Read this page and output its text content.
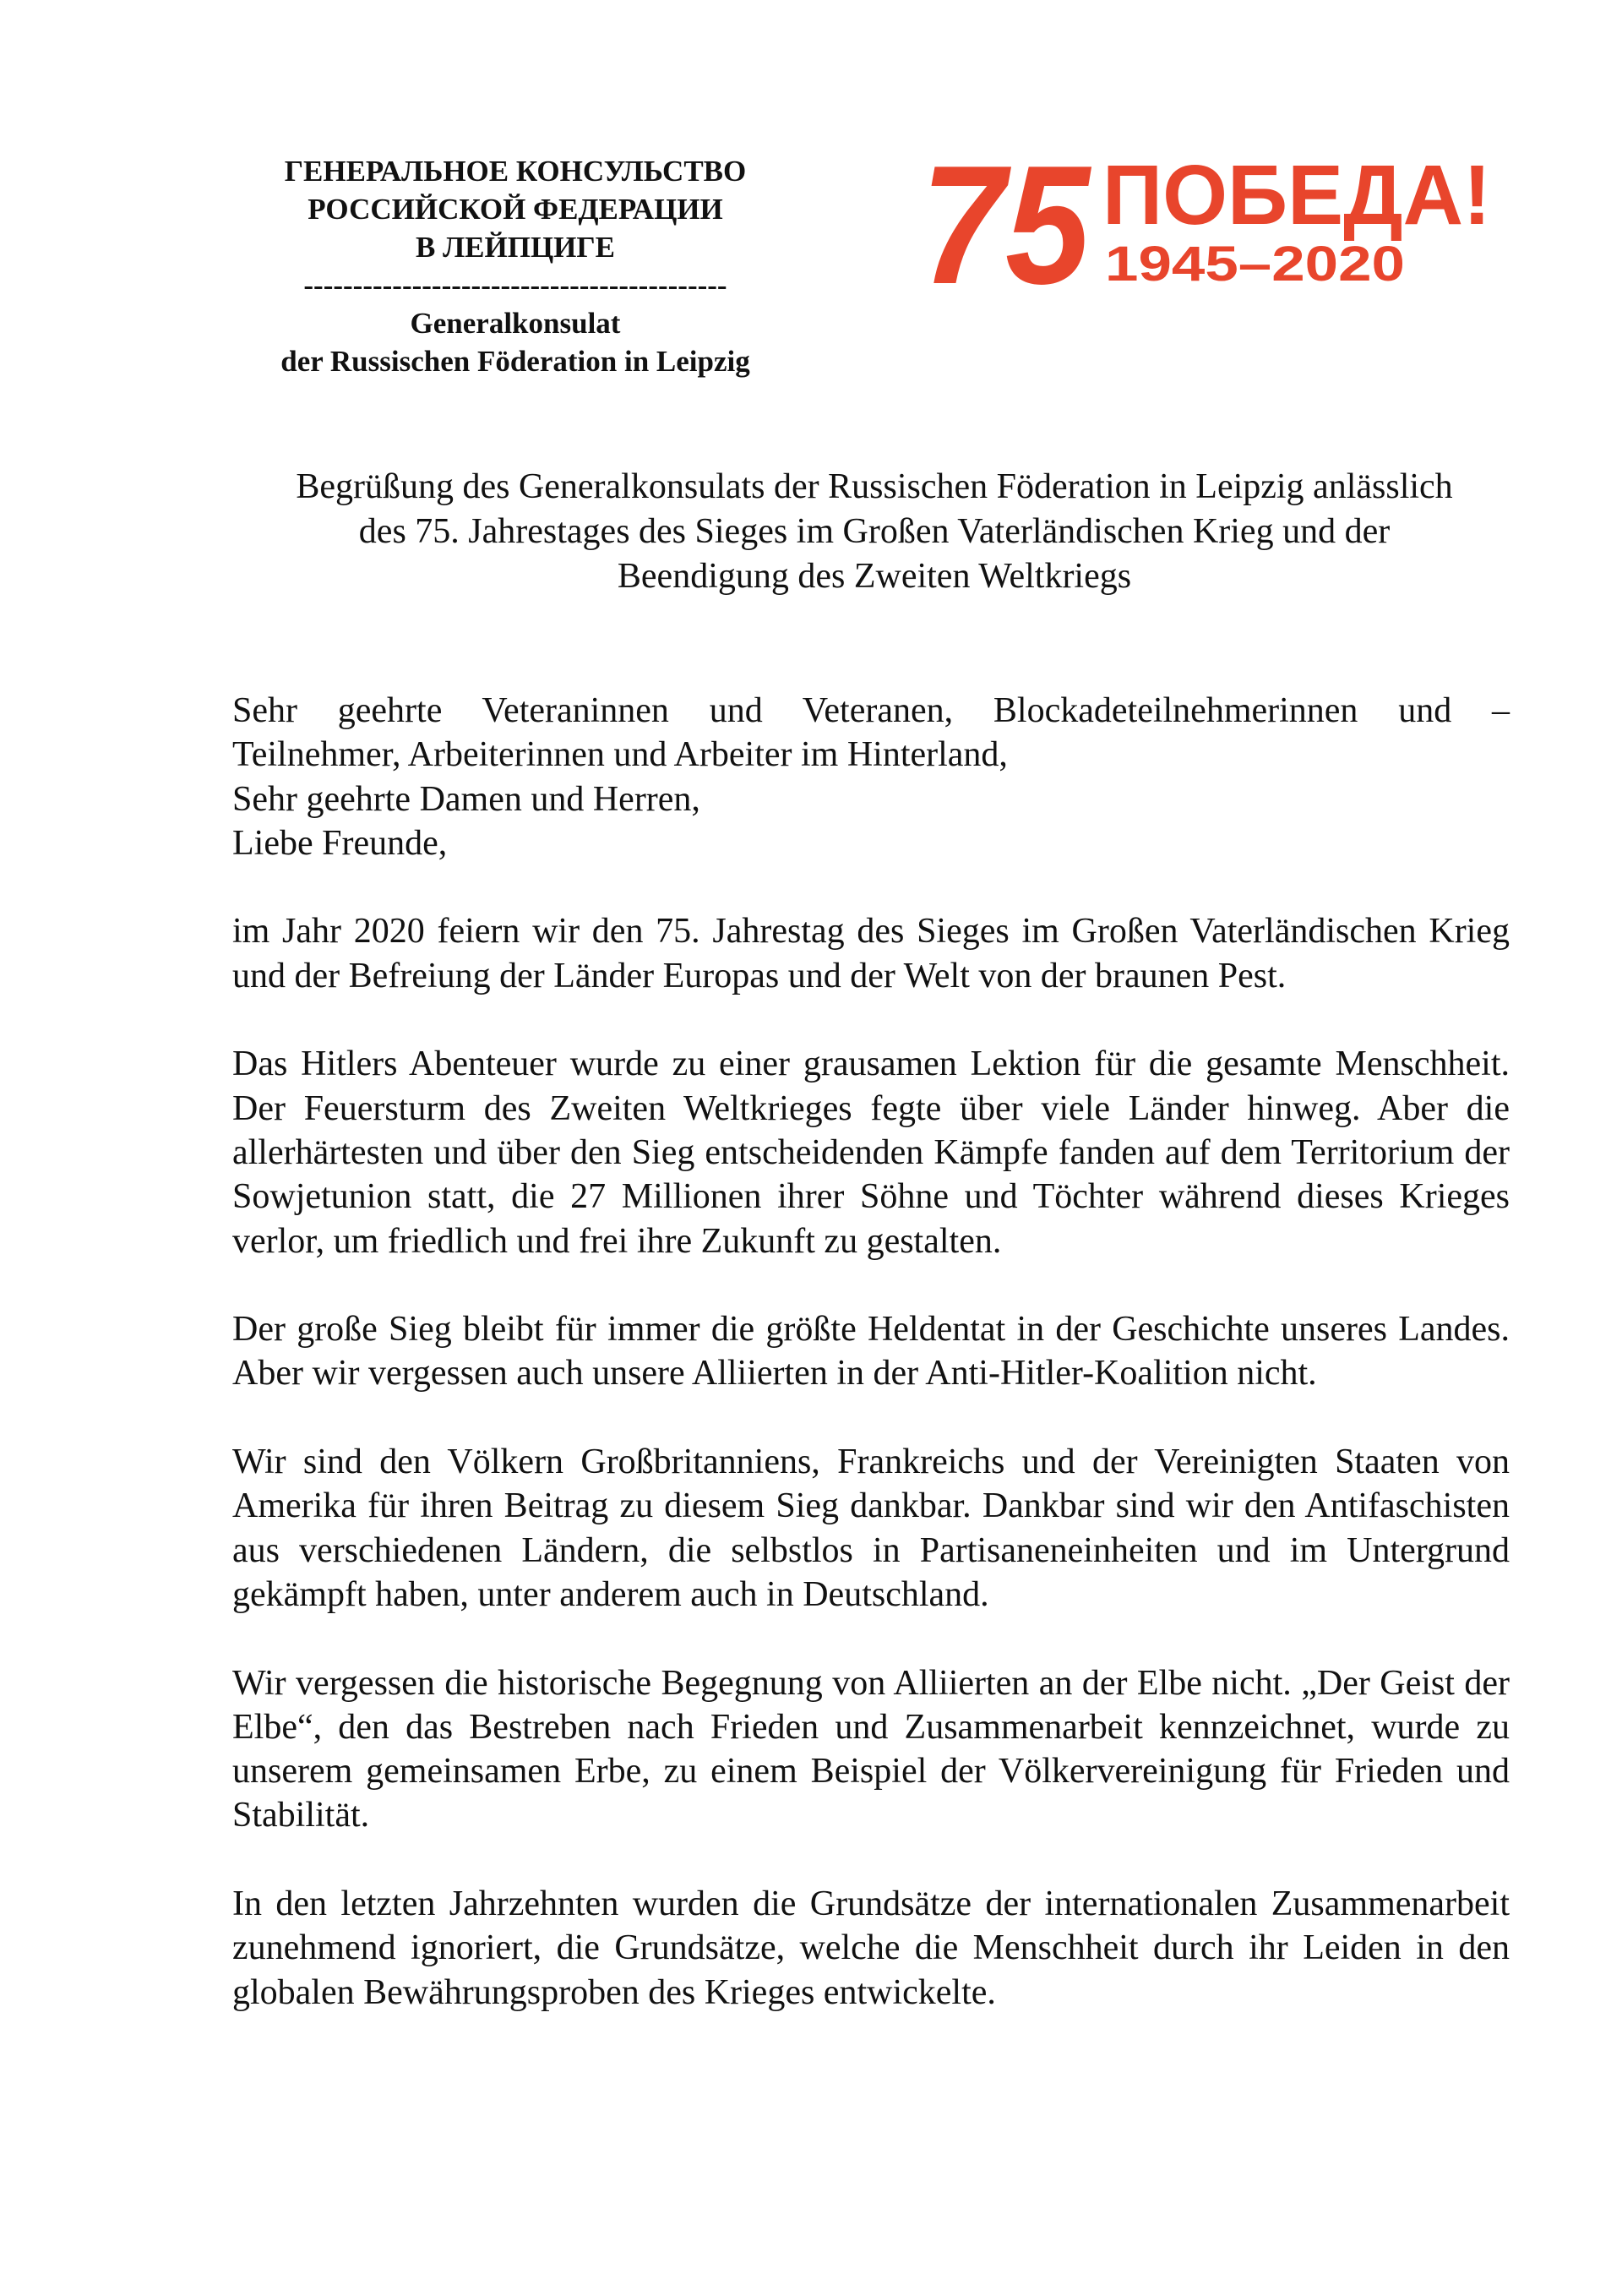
ГЕНЕРАЛЬНОЕ КОНСУЛЬСТВО
РОССИЙСКОЙ ФЕДЕРАЦИИ
В ЛЕЙПЦИГЕ
-------------------------------------------
Generalkonsulat
der Russischen Föderation in Leipzig
75 ПОБЕДА!
1945–2020
Begrüßung des Generalkonsulats der Russischen Föderation in Leipzig anlässlich
des 75. Jahrestages des Sieges im Großen Vaterländischen Krieg und der
Beendigung des Zweiten Weltkriegs
Sehr geehrte Veteraninnen und Veteranen, Blockadeteilnehmerinnen und –
Teilnehmer, Arbeiterinnen und Arbeiter im Hinterland,
Sehr geehrte Damen und Herren,
Liebe Freunde,

im Jahr 2020 feiern wir den 75. Jahrestag des Sieges im Großen Vaterländischen Krieg und der Befreiung der Länder Europas und der Welt von der braunen Pest.

Das Hitlers Abenteuer wurde zu einer grausamen Lektion für die gesamte Menschheit. Der Feuersturm des Zweiten Weltkrieges fegte über viele Länder hinweg. Aber die allerhärtesten und über den Sieg entscheidenden Kämpfe fanden auf dem Territorium der Sowjetunion statt, die 27 Millionen ihrer Söhne und Töchter während dieses Krieges verlor, um friedlich und frei ihre Zukunft zu gestalten.

Der große Sieg bleibt für immer die größte Heldentat in der Geschichte unseres Landes. Aber wir vergessen auch unsere Alliierten in der Anti-Hitler-Koalition nicht.

Wir sind den Völkern Großbritanniens, Frankreichs und der Vereinigten Staaten von Amerika für ihren Beitrag zu diesem Sieg dankbar. Dankbar sind wir den Antifaschisten aus verschiedenen Ländern, die selbstlos in Partisaneneinheiten und im Untergrund gekämpft haben, unter anderem auch in Deutschland.

Wir vergessen die historische Begegnung von Alliierten an der Elbe nicht. „Der Geist der Elbe“, den das Bestreben nach Frieden und Zusammenarbeit kennzeichnet, wurde zu unserem gemeinsamen Erbe, zu einem Beispiel der Völkervereinigung für Frieden und Stabilität.

In den letzten Jahrzehnten wurden die Grundsätze der internationalen Zusammenarbeit zunehmend ignoriert, die Grundsätze, welche die Menschheit durch ihr Leiden in den globalen Bewährungsproben des Krieges entwickelte.
